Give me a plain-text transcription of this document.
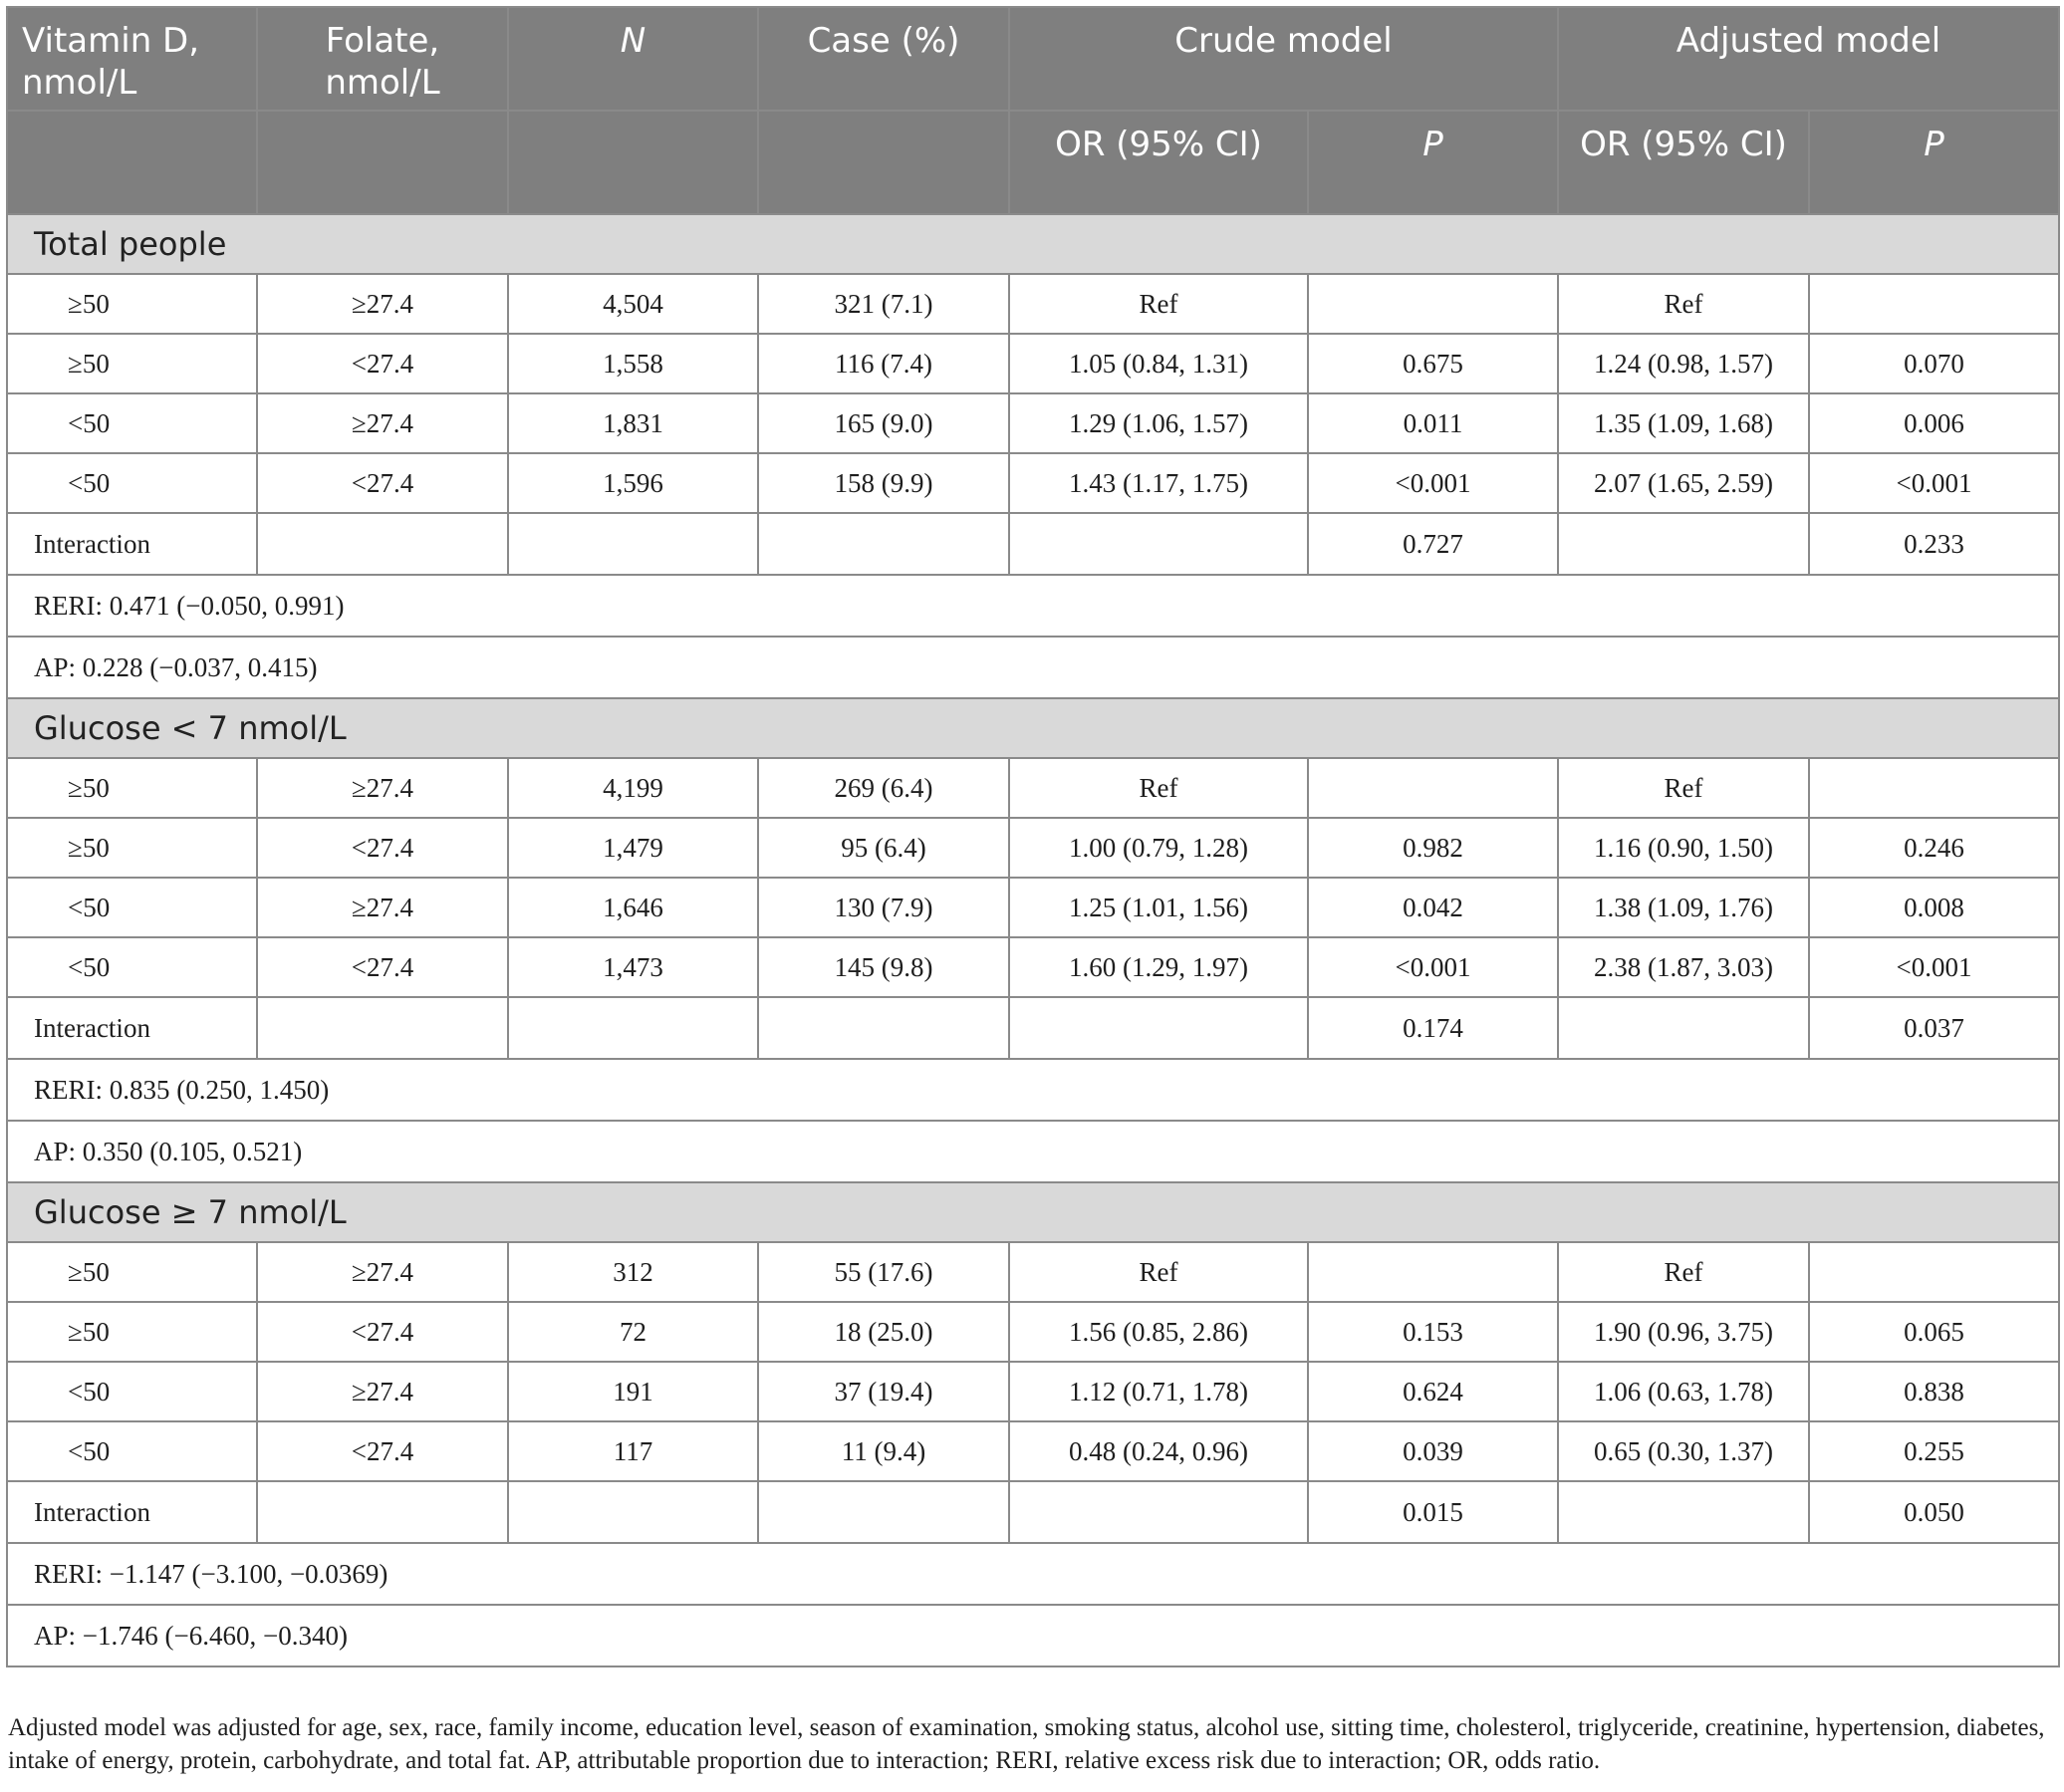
Vitamin D, nmol/L	Folate, nmol/L	N	Case (%)	Crude model		Adjusted model	
				OR (95% CI)	P	OR (95% CI)	P
Total people							
≥50	≥27.4	4,504	321 (7.1)	Ref		Ref	
≥50	<27.4	1,558	116 (7.4)	1.05 (0.84, 1.31)	0.675	1.24 (0.98, 1.57)	0.070
<50	≥27.4	1,831	165 (9.0)	1.29 (1.06, 1.57)	0.011	1.35 (1.09, 1.68)	0.006
<50	<27.4	1,596	158 (9.9)	1.43 (1.17, 1.75)	<0.001	2.07 (1.65, 2.59)	<0.001
Interaction					0.727		0.233
RERI: 0.471 (−0.050, 0.991)							
AP: 0.228 (−0.037, 0.415)							
Glucose < 7 nmol/L							
≥50	≥27.4	4,199	269 (6.4)	Ref		Ref	
≥50	<27.4	1,479	95 (6.4)	1.00 (0.79, 1.28)	0.982	1.16 (0.90, 1.50)	0.246
<50	≥27.4	1,646	130 (7.9)	1.25 (1.01, 1.56)	0.042	1.38 (1.09, 1.76)	0.008
<50	<27.4	1,473	145 (9.8)	1.60 (1.29, 1.97)	<0.001	2.38 (1.87, 3.03)	<0.001
Interaction					0.174		0.037
RERI: 0.835 (0.250, 1.450)							
AP: 0.350 (0.105, 0.521)							
Glucose ≥ 7 nmol/L							
≥50	≥27.4	312	55 (17.6)	Ref		Ref	
≥50	<27.4	72	18 (25.0)	1.56 (0.85, 2.86)	0.153	1.90 (0.96, 3.75)	0.065
<50	≥27.4	191	37 (19.4)	1.12 (0.71, 1.78)	0.624	1.06 (0.63, 1.78)	0.838
<50	<27.4	117	11 (9.4)	0.48 (0.24, 0.96)	0.039	0.65 (0.30, 1.37)	0.255
Interaction					0.015		0.050
RERI: −1.147 (−3.100, −0.0369)							
AP: −1.746 (−6.460, −0.340)							
Adjusted model was adjusted for age, sex, race, family income, education level, season of examination, smoking status, alcohol use, sitting time, cholesterol, triglyceride, creatinine, hypertension, diabetes, intake of energy, protein, carbohydrate, and total fat. AP, attributable proportion due to interaction; RERI, relative excess risk due to interaction; OR, odds ratio.
